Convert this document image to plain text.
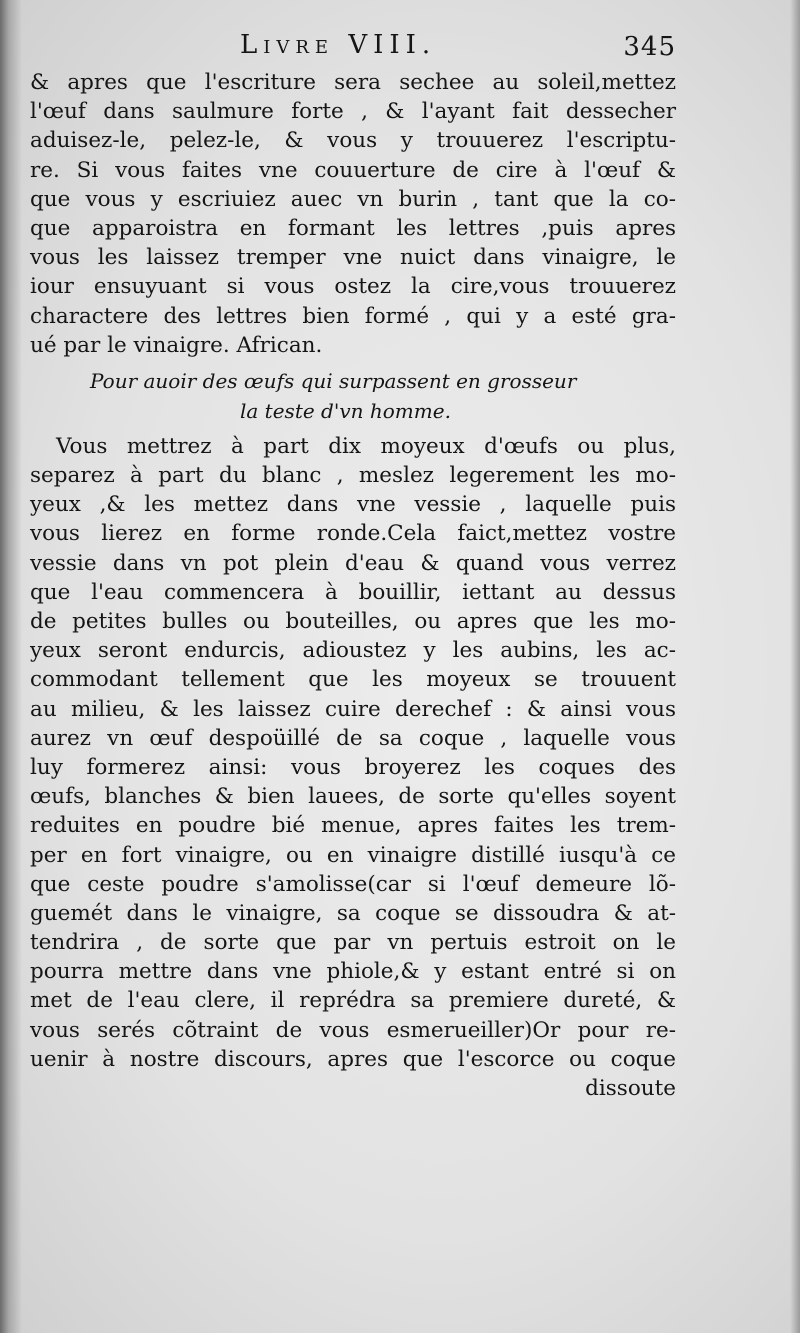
Livre VIII.	345
& apres que l'escriture sera sechee au soleil,mettez
l'œuf dans saulmure forte , & l'ayant fait dessecher
aduisez-le, pelez-le, & vous y trouuerez l'escriptu-
re. Si vous faites vne couuerture de cire à l'œuf &
que vous y escriuiez auec vn burin , tant que la co-
que apparoistra en formant les lettres ,puis apres
vous les laissez tremper vne nuict dans vinaigre, le
iour ensuyuant si vous ostez la cire,vous trouuerez
charactere des lettres bien formé , qui y a esté gra-
ué par le vinaigre. African.
Pour auoir des œufs qui surpassent en grosseur
la teste d'vn homme.
Vous mettrez à part dix moyeux d'œufs ou plus,
separez à part du blanc , meslez legerement les mo-
yeux ,& les mettez dans vne vessie , laquelle puis
vous lierez en forme ronde.Cela faict,mettez vostre
vessie dans vn pot plein d'eau & quand vous verrez
que l'eau commencera à bouillir, iettant au dessus
de petites bulles ou bouteilles, ou apres que les mo-
yeux seront endurcis, adioustez y les aubins, les ac-
commodant tellement que les moyeux se trouuent
au milieu, & les laissez cuire derechef : & ainsi vous
aurez vn œuf despoüillé de sa coque , laquelle vous
luy formerez ainsi: vous broyerez les coques des
œufs, blanches & bien lauees, de sorte qu'elles soyent
reduites en poudre bié menue, apres faites les trem-
per en fort vinaigre, ou en vinaigre distillé iusqu'à ce
que ceste poudre s'amolisse(car si l'œuf demeure lõ-
guemét dans le vinaigre, sa coque se dissoudra & at-
tendrira , de sorte que par vn pertuis estroit on le
pourra mettre dans vne phiole,& y estant entré si on
met de l'eau clere, il reprédra sa premiere dureté, &
vous serés cõtraint de vous esmerueiller)Or pour re-
uenir à nostre discours, apres que l'escorce ou coque
dissoute
